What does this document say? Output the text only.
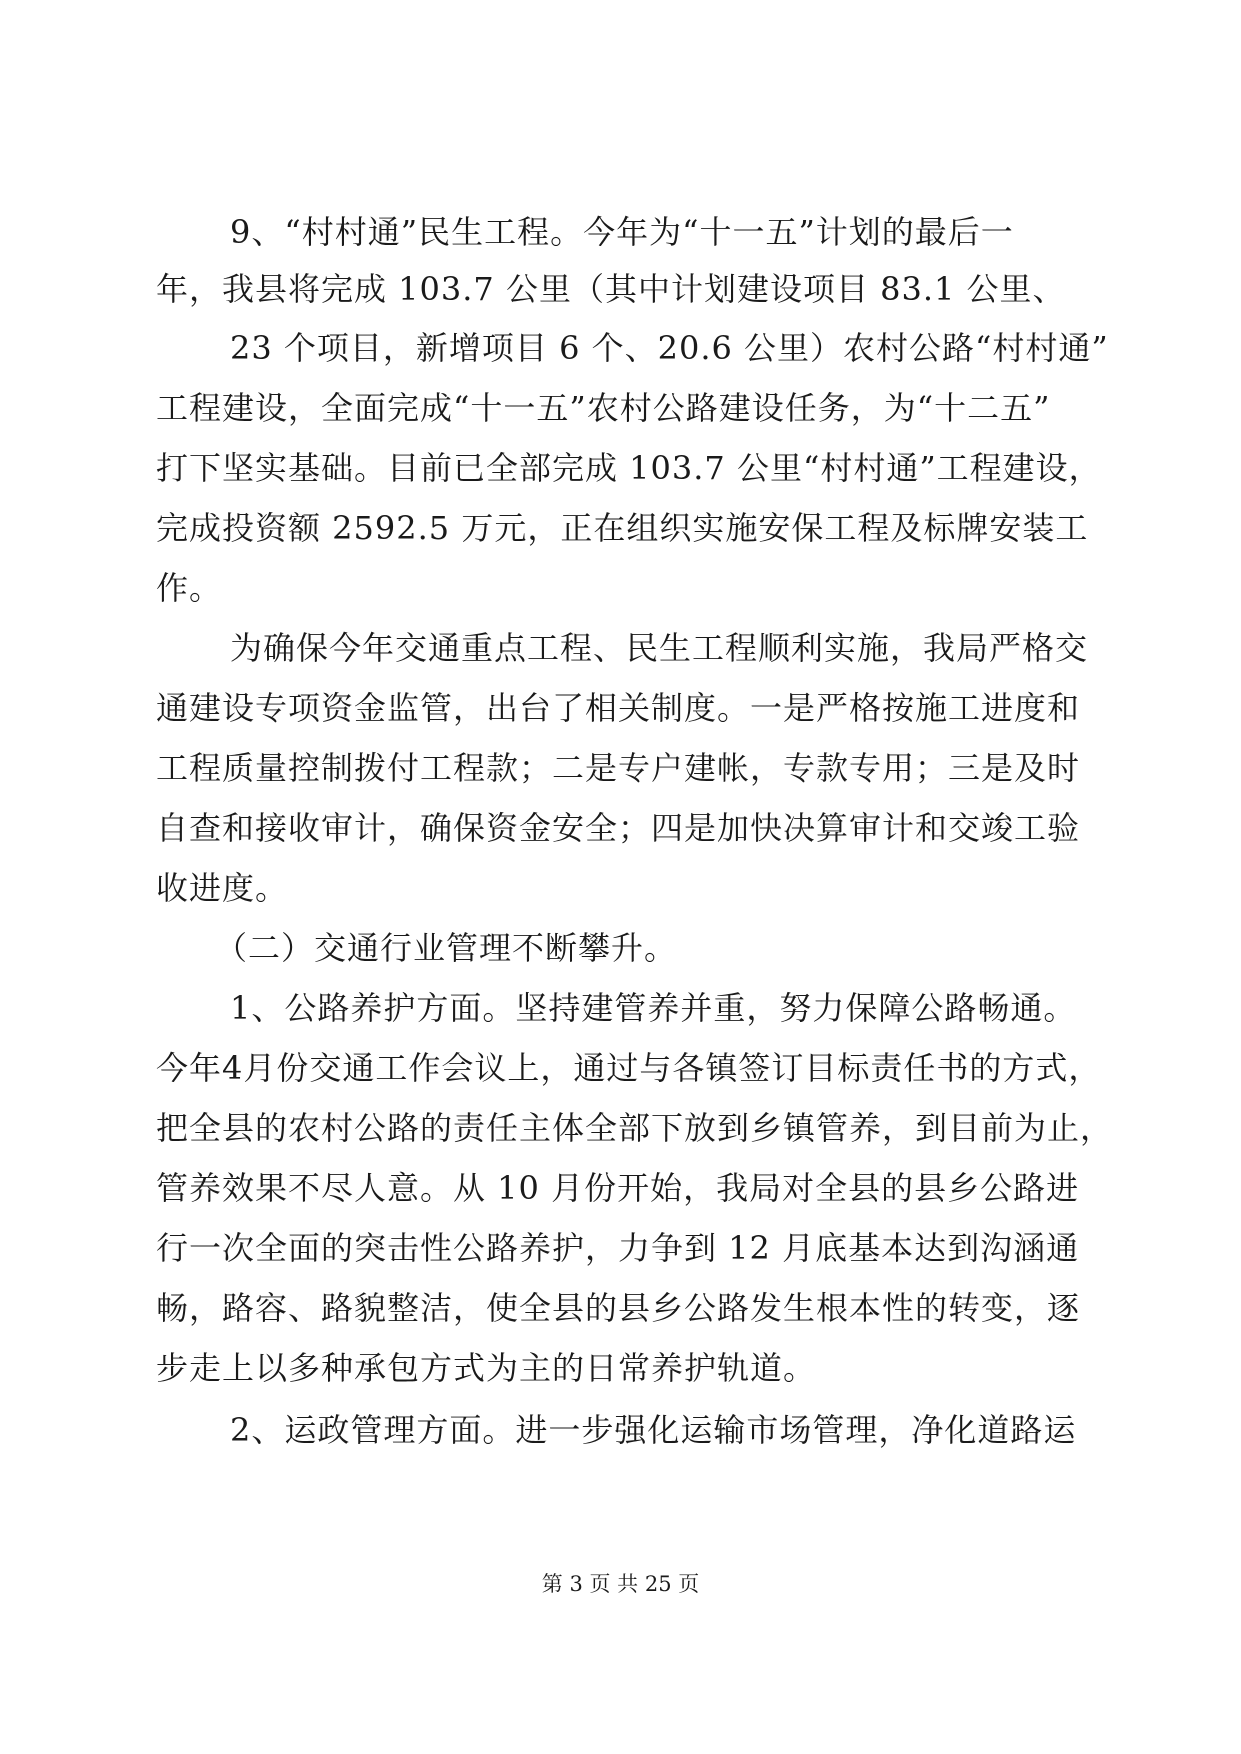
9、“村村通”民生工程。今年为“十一五”计划的最后一
年，我县将完成 103.7 公里（其中计划建设项目 83.1 公里、
23 个项目，新增项目 6 个、20.6 公里）农村公路“村村通”
工程建设，全面完成“十一五”农村公路建设任务，为“十二五”
打下坚实基础。目前已全部完成 103.7 公里“村村通”工程建设，
完成投资额 2592.5 万元，正在组织实施安保工程及标牌安装工
作。
为确保今年交通重点工程、民生工程顺利实施，我局严格交
通建设专项资金监管，出台了相关制度。一是严格按施工进度和
工程质量控制拨付工程款；二是专户建帐，专款专用；三是及时
自查和接收审计，确保资金安全；四是加快决算审计和交竣工验
收进度。
（二）交通行业管理不断攀升。
1、公路养护方面。坚持建管养并重，努力保障公路畅通。
今年4月份交通工作会议上，通过与各镇签订目标责任书的方式，
把全县的农村公路的责任主体全部下放到乡镇管养，到目前为止，
管养效果不尽人意。从 10 月份开始，我局对全县的县乡公路进
行一次全面的突击性公路养护，力争到 12 月底基本达到沟涵通
畅，路容、路貌整洁，使全县的县乡公路发生根本性的转变，逐
步走上以多种承包方式为主的日常养护轨道。
2、运政管理方面。进一步强化运输市场管理，净化道路运
第 3 页 共 25 页
